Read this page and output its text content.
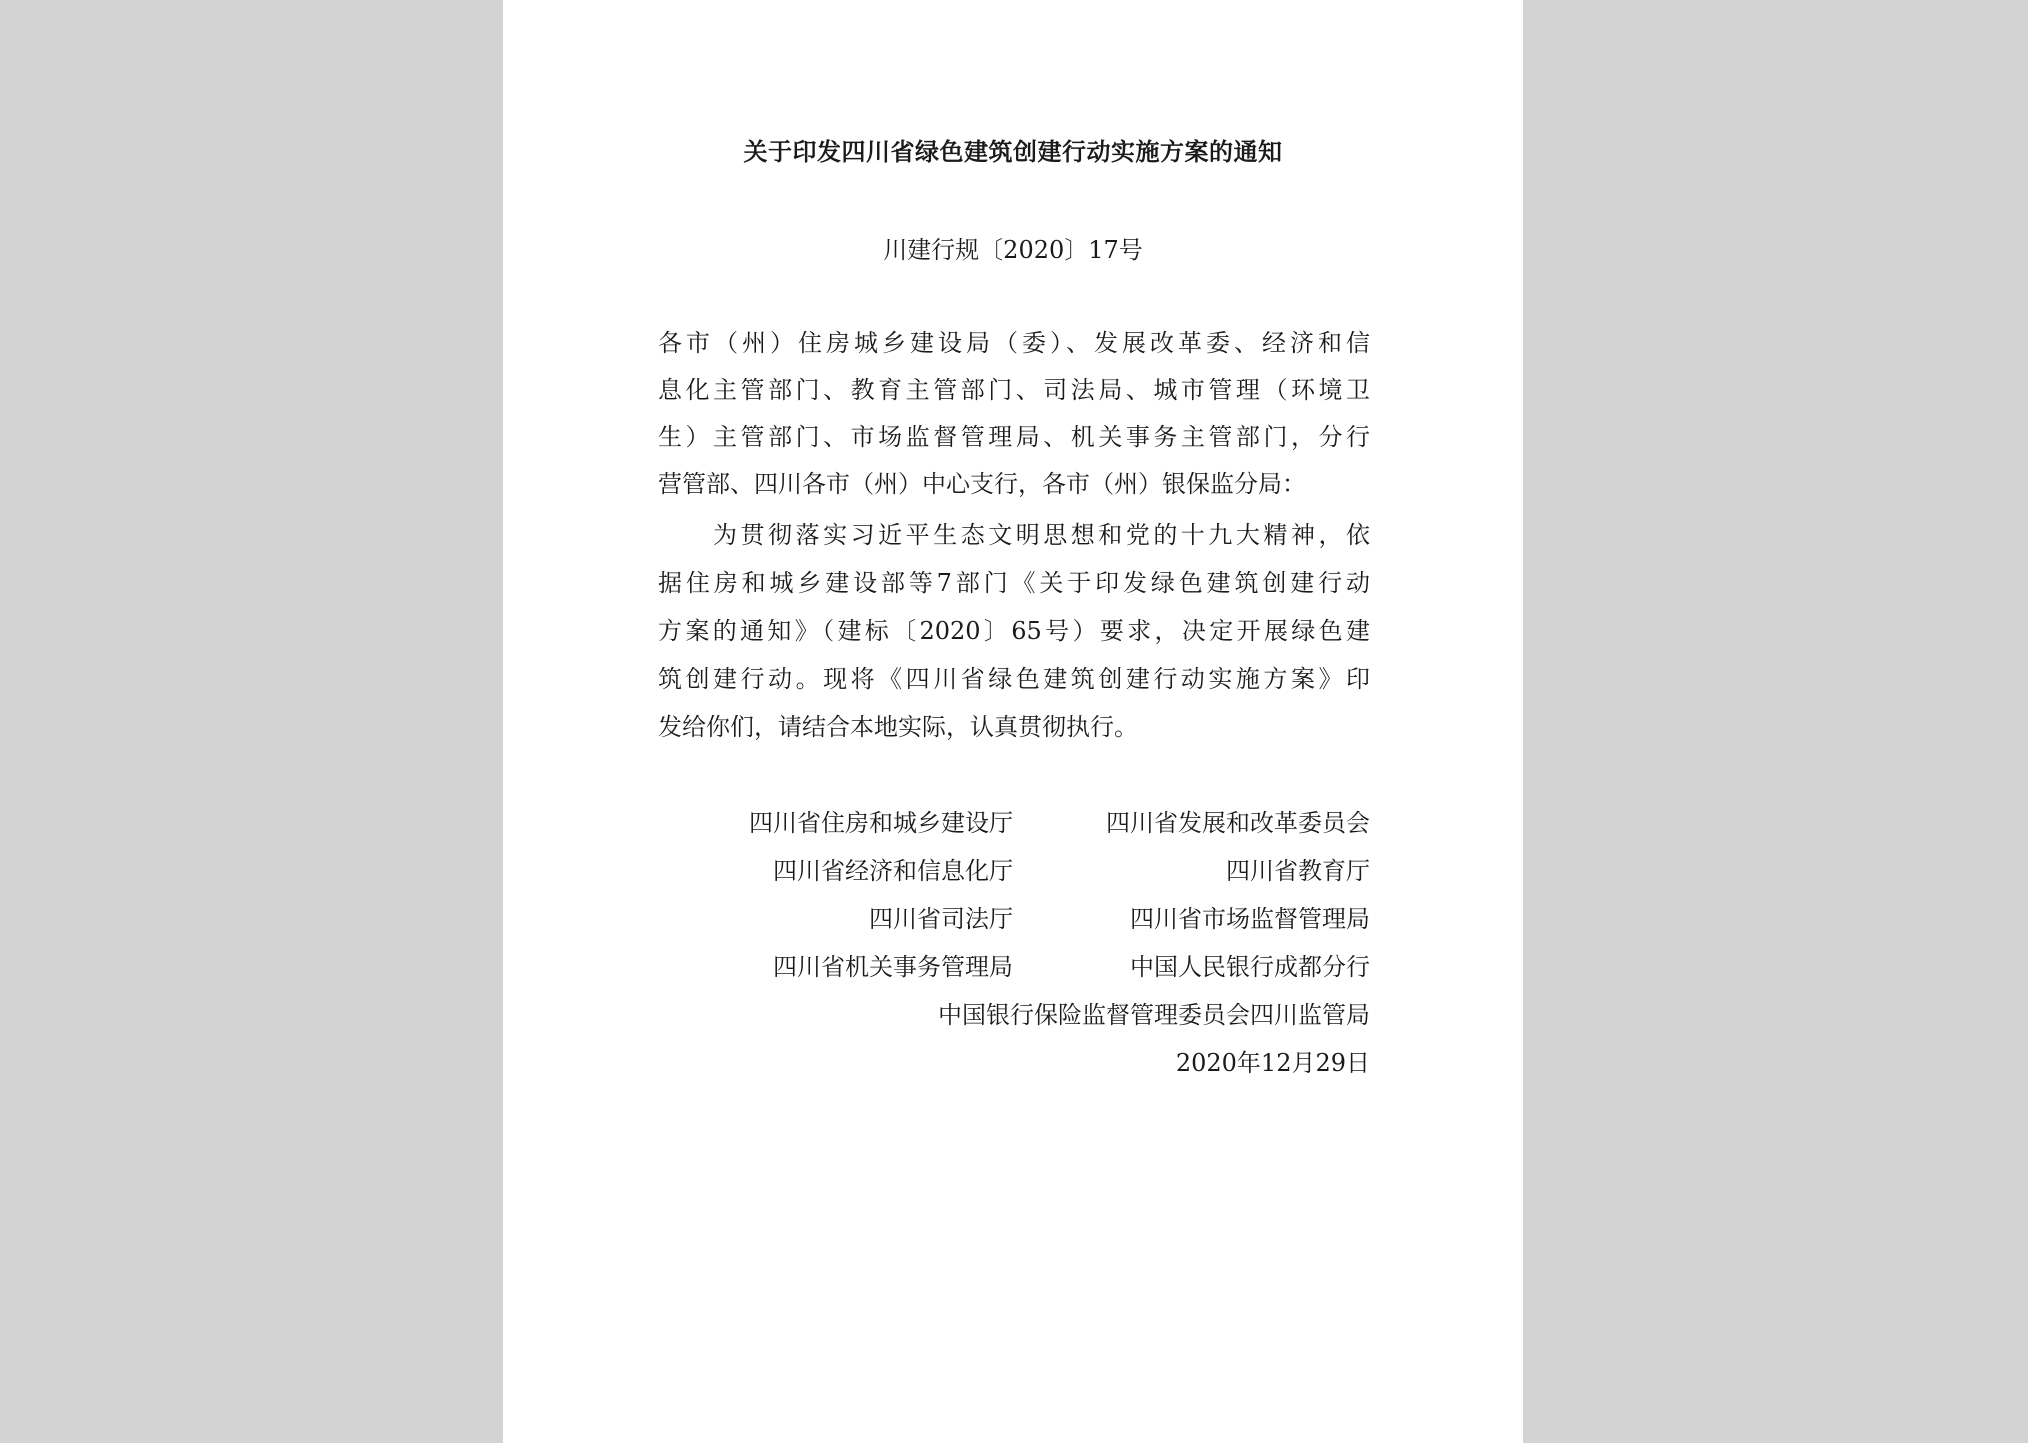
关于印发四川省绿色建筑创建行动实施方案的通知
川建行规〔2020〕17号
各市（州）住房城乡建设局（委）、发展改革委、经济和信
息化主管部门、教育主管部门、司法局、城市管理（环境卫
生）主管部门、市场监督管理局、机关事务主管部门，分行
营管部、四川各市（州）中心支行，各市（州）银保监分局：
为贯彻落实习近平生态文明思想和党的十九大精神，依
据住房和城乡建设部等7部门《关于印发绿色建筑创建行动
方案的通知》（建标〔2020〕65号）要求，决定开展绿色建
筑创建行动。现将《四川省绿色建筑创建行动实施方案》印
发给你们，请结合本地实际，认真贯彻执行。
四川省住房和城乡建设厅	四川省发展和改革委员会
四川省经济和信息化厅	四川省教育厅
四川省司法厅	四川省市场监督管理局
四川省机关事务管理局	中国人民银行成都分行
中国银行保险监督管理委员会四川监管局
2020年12月29日
